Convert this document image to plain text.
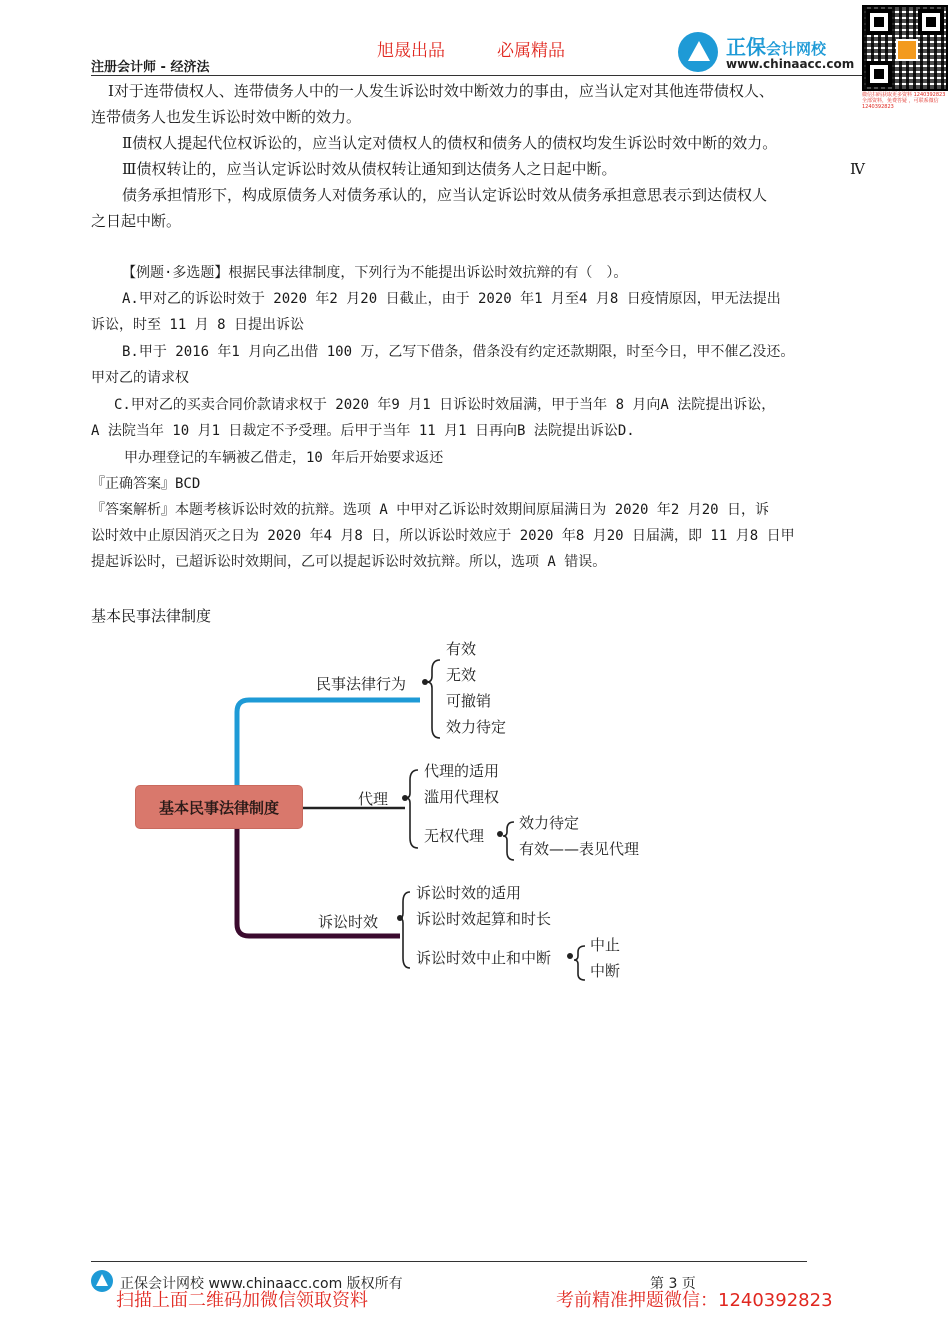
旭晟出品	必属精品
注册会计师 - 经济法
正保会计网校
www.chinaacc.com
微信扫码获取更多资料 1240392823 全部资料，免费答疑 ，可联系微信 1240392823
Ⅰ对于连带债权人、连带债务人中的一人发生诉讼时效中断效力的事由，应当认定对其他连带债权人、
连带债务人也发生诉讼时效中断的效力。
Ⅱ债权人提起代位权诉讼的，应当认定对债权人的债权和债务人的债权均发生诉讼时效中断的效力。
Ⅲ债权转让的，应当认定诉讼时效从债权转让通知到达债务人之日起中断。	Ⅳ
债务承担情形下，构成原债务人对债务承认的，应当认定诉讼时效从债务承担意思表示到达债权人
之日起中断。
【例题·多选题】根据民事法律制度，下列行为不能提出诉讼时效抗辩的有（　）。
A.甲对乙的诉讼时效于 2020 年2 月20 日截止，由于 2020 年1 月至4 月8 日疫情原因，甲无法提出
诉讼，时至 11 月 8 日提出诉讼
B.甲于 2016 年1 月向乙出借 100 万，乙写下借条，借条没有约定还款期限，时至今日，甲不催乙没还。
甲对乙的请求权
C.甲对乙的买卖合同价款请求权于 2020 年9 月1 日诉讼时效届满，甲于当年 8 月向A 法院提出诉讼，
A 法院当年 10 月1 日裁定不予受理。后甲于当年 11 月1 日再向B 法院提出诉讼D.
甲办理登记的车辆被乙借走，10 年后开始要求返还
『正确答案』BCD
『答案解析』本题考核诉讼时效的抗辩。选项 A 中甲对乙诉讼时效期间原届满日为 2020 年2 月20 日，诉
讼时效中止原因消灭之日为 2020 年4 月8 日，所以诉讼时效应于 2020 年8 月20 日届满，即 11 月8 日甲
提起诉讼时，已超诉讼时效期间，乙可以提起诉讼时效抗辩。所以，选项 A 错误。
基本民事法律制度
基本民事法律制度
民事法律行为
有效
无效
可撤销
效力待定
代理
代理的适用
滥用代理权
无权代理
效力待定
有效——表见代理
诉讼时效
诉讼时效的适用
诉讼时效起算和时长
诉讼时效中止和中断
中止
中断
正保会计网校 www.chinaacc.com 版权所有	第 3 页
扫描上面二维码加微信领取资料	考前精准押题微信：1240392823
